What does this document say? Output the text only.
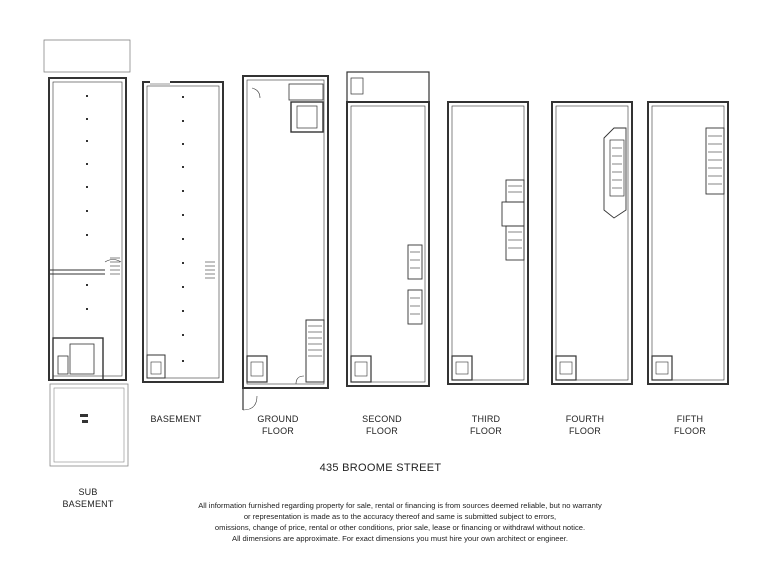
SUB
BASEMENT
BASEMENT	GROUND
FLOOR
SECOND
FLOOR
THIRD
FLOOR
FOURTH
FLOOR
FIFTH
FLOOR
435 BROOME STREET
All information furnished regarding property for sale, rental or financing is from sources deemed reliable, but no warranty
or representation is made as to the accuracy thereof and same is submitted subject to errors,
omissions, change of price, rental or other conditions, prior sale, lease or financing or withdrawl without notice.
All dimensions are approximate. For exact dimensions you must hire your own architect or engineer.
